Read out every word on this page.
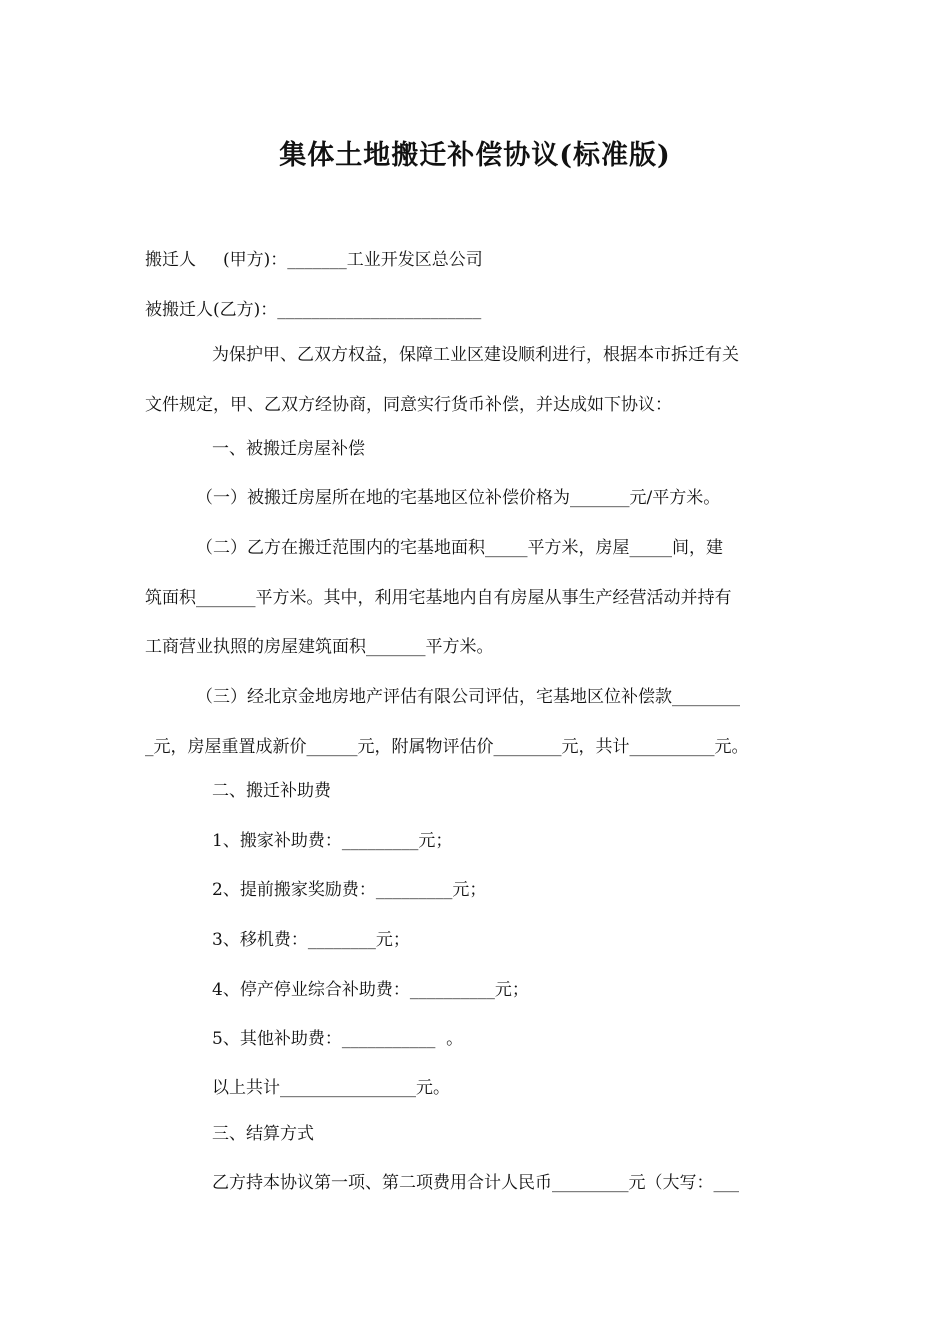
集体土地搬迁补偿协议(标准版)
搬迁人     (甲方)：_______工业开发区总公司
被搬迁人(乙方)：________________________
为保护甲、乙双方权益，保障工业区建设顺利进行，根据本市拆迁有关
文件规定，甲、乙双方经协商，同意实行货币补偿，并达成如下协议：
一、被搬迁房屋补偿
（一）被搬迁房屋所在地的宅基地区位补偿价格为_______元/平方米。
（二）乙方在搬迁范围内的宅基地面积_____平方米，房屋_____间，建
筑面积_______平方米。其中，利用宅基地内自有房屋从事生产经营活动并持有
工商营业执照的房屋建筑面积_______平方米。
（三）经北京金地房地产评估有限公司评估，宅基地区位补偿款________
_元，房屋重置成新价______元，附属物评估价________元，共计__________元。
二、搬迁补助费
1、搬家补助费：_________元；
2、提前搬家奖励费：_________元；
3、移机费：________元；
4、停产停业综合补助费：__________元；
5、其他补助费：___________  。
以上共计________________元。
三、结算方式
乙方持本协议第一项、第二项费用合计人民币_________元（大写：___
